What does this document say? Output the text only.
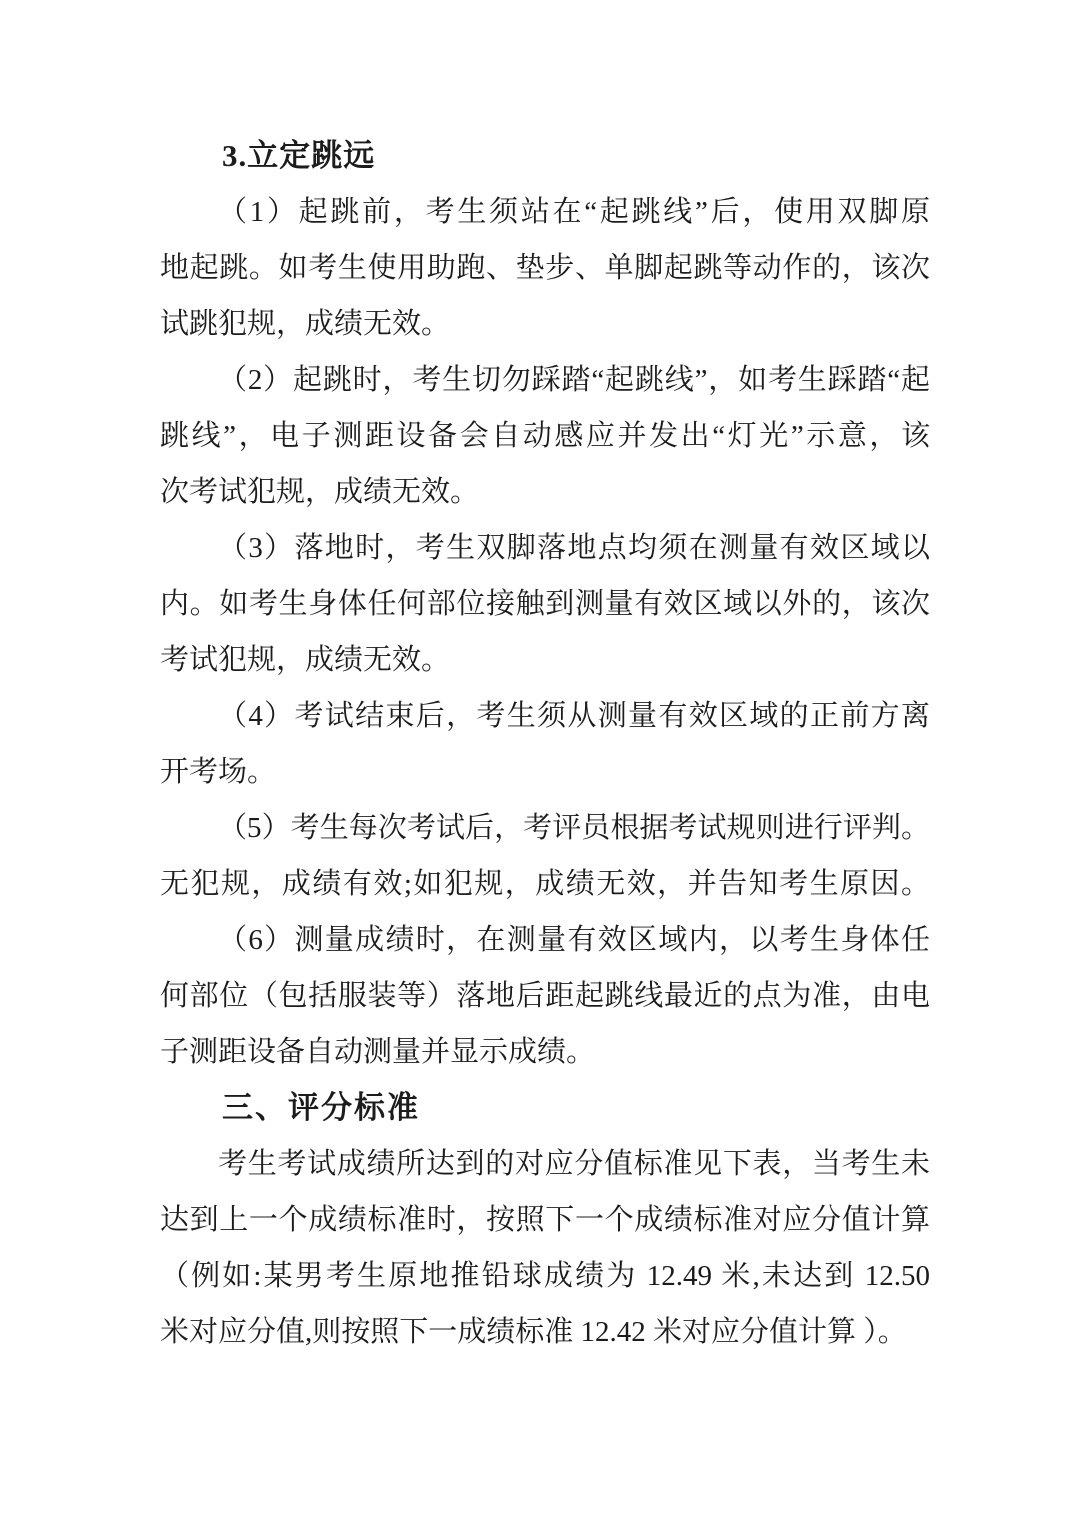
3.立定跳远
（1）起跳前，考生须站在“起跳线”后，使用双脚原
地起跳。如考生使用助跑、垫步、单脚起跳等动作的，该次
试跳犯规，成绩无效。
（2）起跳时，考生切勿踩踏“起跳线”，如考生踩踏“起
跳线”，电子测距设备会自动感应并发出“灯光”示意，该
次考试犯规，成绩无效。
（3）落地时，考生双脚落地点均须在测量有效区域以
内。如考生身体任何部位接触到测量有效区域以外的，该次
考试犯规，成绩无效。
（4）考试结束后，考生须从测量有效区域的正前方离
开考场。
（5）考生每次考试后，考评员根据考试规则进行评判。
无犯规，成绩有效;如犯规，成绩无效，并告知考生原因。
（6）测量成绩时，在测量有效区域内，以考生身体任
何部位（包括服装等）落地后距起跳线最近的点为准，由电
子测距设备自动测量并显示成绩。
三、评分标准
考生考试成绩所达到的对应分值标准见下表，当考生未
达到上一个成绩标准时，按照下一个成绩标准对应分值计算
（例如:某男考生原地推铅球成绩为 12.49 米,未达到 12.50
米对应分值,则按照下一成绩标准 12.42 米对应分值计算 ）。
